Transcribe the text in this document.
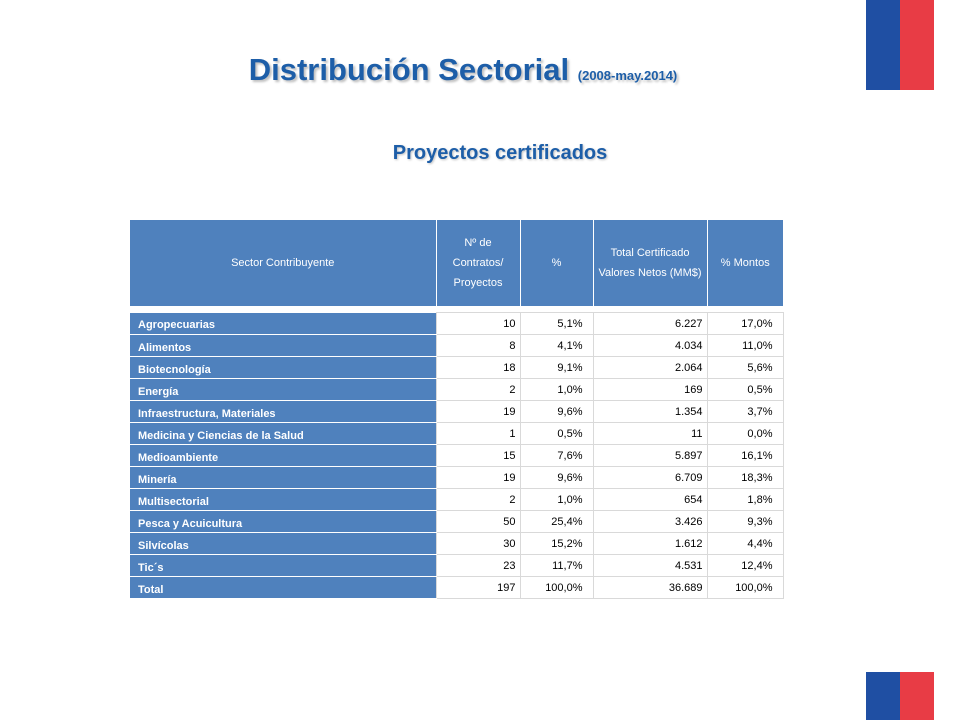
Distribución Sectorial (2008-may.2014)
Proyectos certificados
Sector Contribuyente	Nº de Contratos/ Proyectos	%	Total Certificado Valores Netos (MM$)	% Montos

Agropecuarias	10	5,1%	6.227	17,0%
Alimentos	8	4,1%	4.034	11,0%
Biotecnología	18	9,1%	2.064	5,6%
Energía	2	1,0%	169	0,5%
Infraestructura, Materiales	19	9,6%	1.354	3,7%
Medicina y Ciencias de la Salud	1	0,5%	11	0,0%
Medioambiente	15	7,6%	5.897	16,1%
Minería	19	9,6%	6.709	18,3%
Multisectorial	2	1,0%	654	1,8%
Pesca y Acuicultura	50	25,4%	3.426	9,3%
Silvícolas	30	15,2%	1.612	4,4%
Tic´s	23	11,7%	4.531	12,4%
Total	197	100,0%	36.689	100,0%
